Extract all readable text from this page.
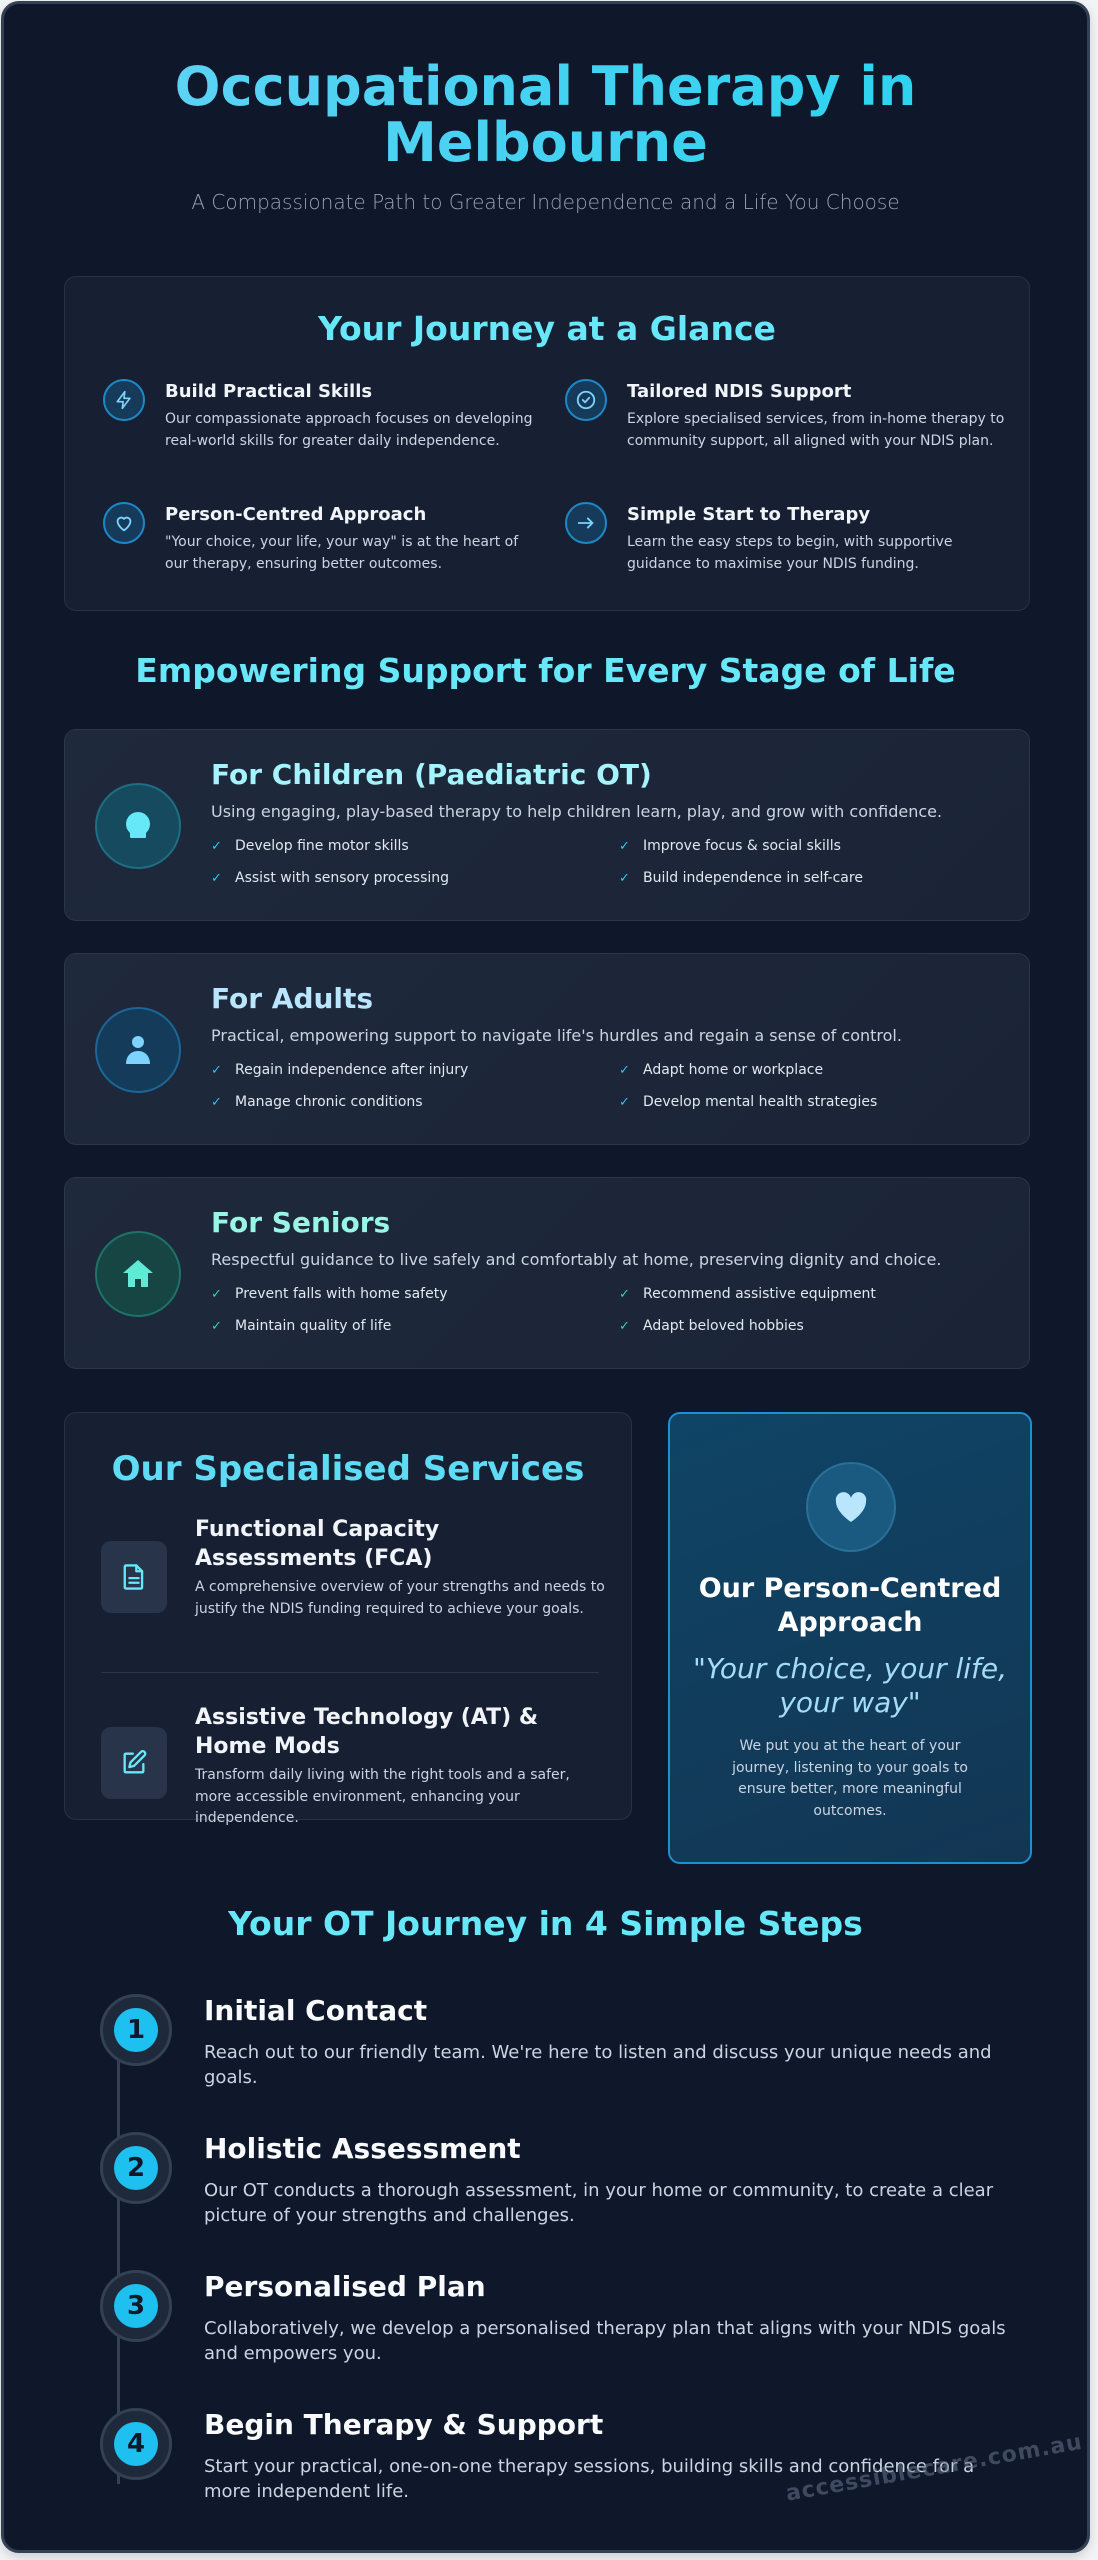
Occupational Therapy in
Melbourne

A Compassionate Path to Greater Independence and a Life You Choose

Your Journey at a Glance
Build Practical Skills
Our compassionate approach focuses on developing real-world skills for greater daily independence.
Tailored NDIS Support
Explore specialised services, from in-home therapy to community support, all aligned with your NDIS plan.
Person-Centred Approach
"Your choice, your life, your way" is at the heart of our therapy, ensuring better outcomes.
Simple Start to Therapy
Learn the easy steps to begin, with supportive guidance to maximise your NDIS funding.
Empowering Support for Every Stage of Life
For Children (Paediatric OT)

Using engaging, play-based therapy to help children learn, play, and grow with confidence.

✓ Develop fine motor skills	✓ Improve focus & social skills
✓ Assist with sensory processing	✓ Build independence in self-care
For Adults

Practical, empowering support to navigate life's hurdles and regain a sense of control.

✓ Regain independence after injury	✓ Adapt home or workplace
✓ Manage chronic conditions	✓ Develop mental health strategies
For Seniors

Respectful guidance to live safely and comfortably at home, preserving dignity and choice.

✓ Prevent falls with home safety	✓ Recommend assistive equipment
✓ Maintain quality of life	✓ Adapt beloved hobbies
Our Specialised Services
Functional Capacity Assessments (FCA)
A comprehensive overview of your strengths and needs to justify the NDIS funding required to achieve your goals.
Assistive Technology (AT) & Home Mods
Transform daily living with the right tools and a safer, more accessible environment, enhancing your independence.
Our Person-Centred Approach

"Your choice, your life, your way"

We put you at the heart of your journey, listening to your goals to ensure better, more meaningful outcomes.

Your OT Journey in 4 Simple Steps
1
Initial Contact

Reach out to our friendly team. We're here to listen and discuss your unique needs and goals.

2
Holistic Assessment

Our OT conducts a thorough assessment, in your home or community, to create a clear picture of your strengths and challenges.

3
Personalised Plan

Collaboratively, we develop a personalised therapy plan that aligns with your NDIS goals and empowers you.

4
Begin Therapy & Support

Start your practical, one-on-one therapy sessions, building skills and confidence for a more independent life.	accessiblecare.com.au
